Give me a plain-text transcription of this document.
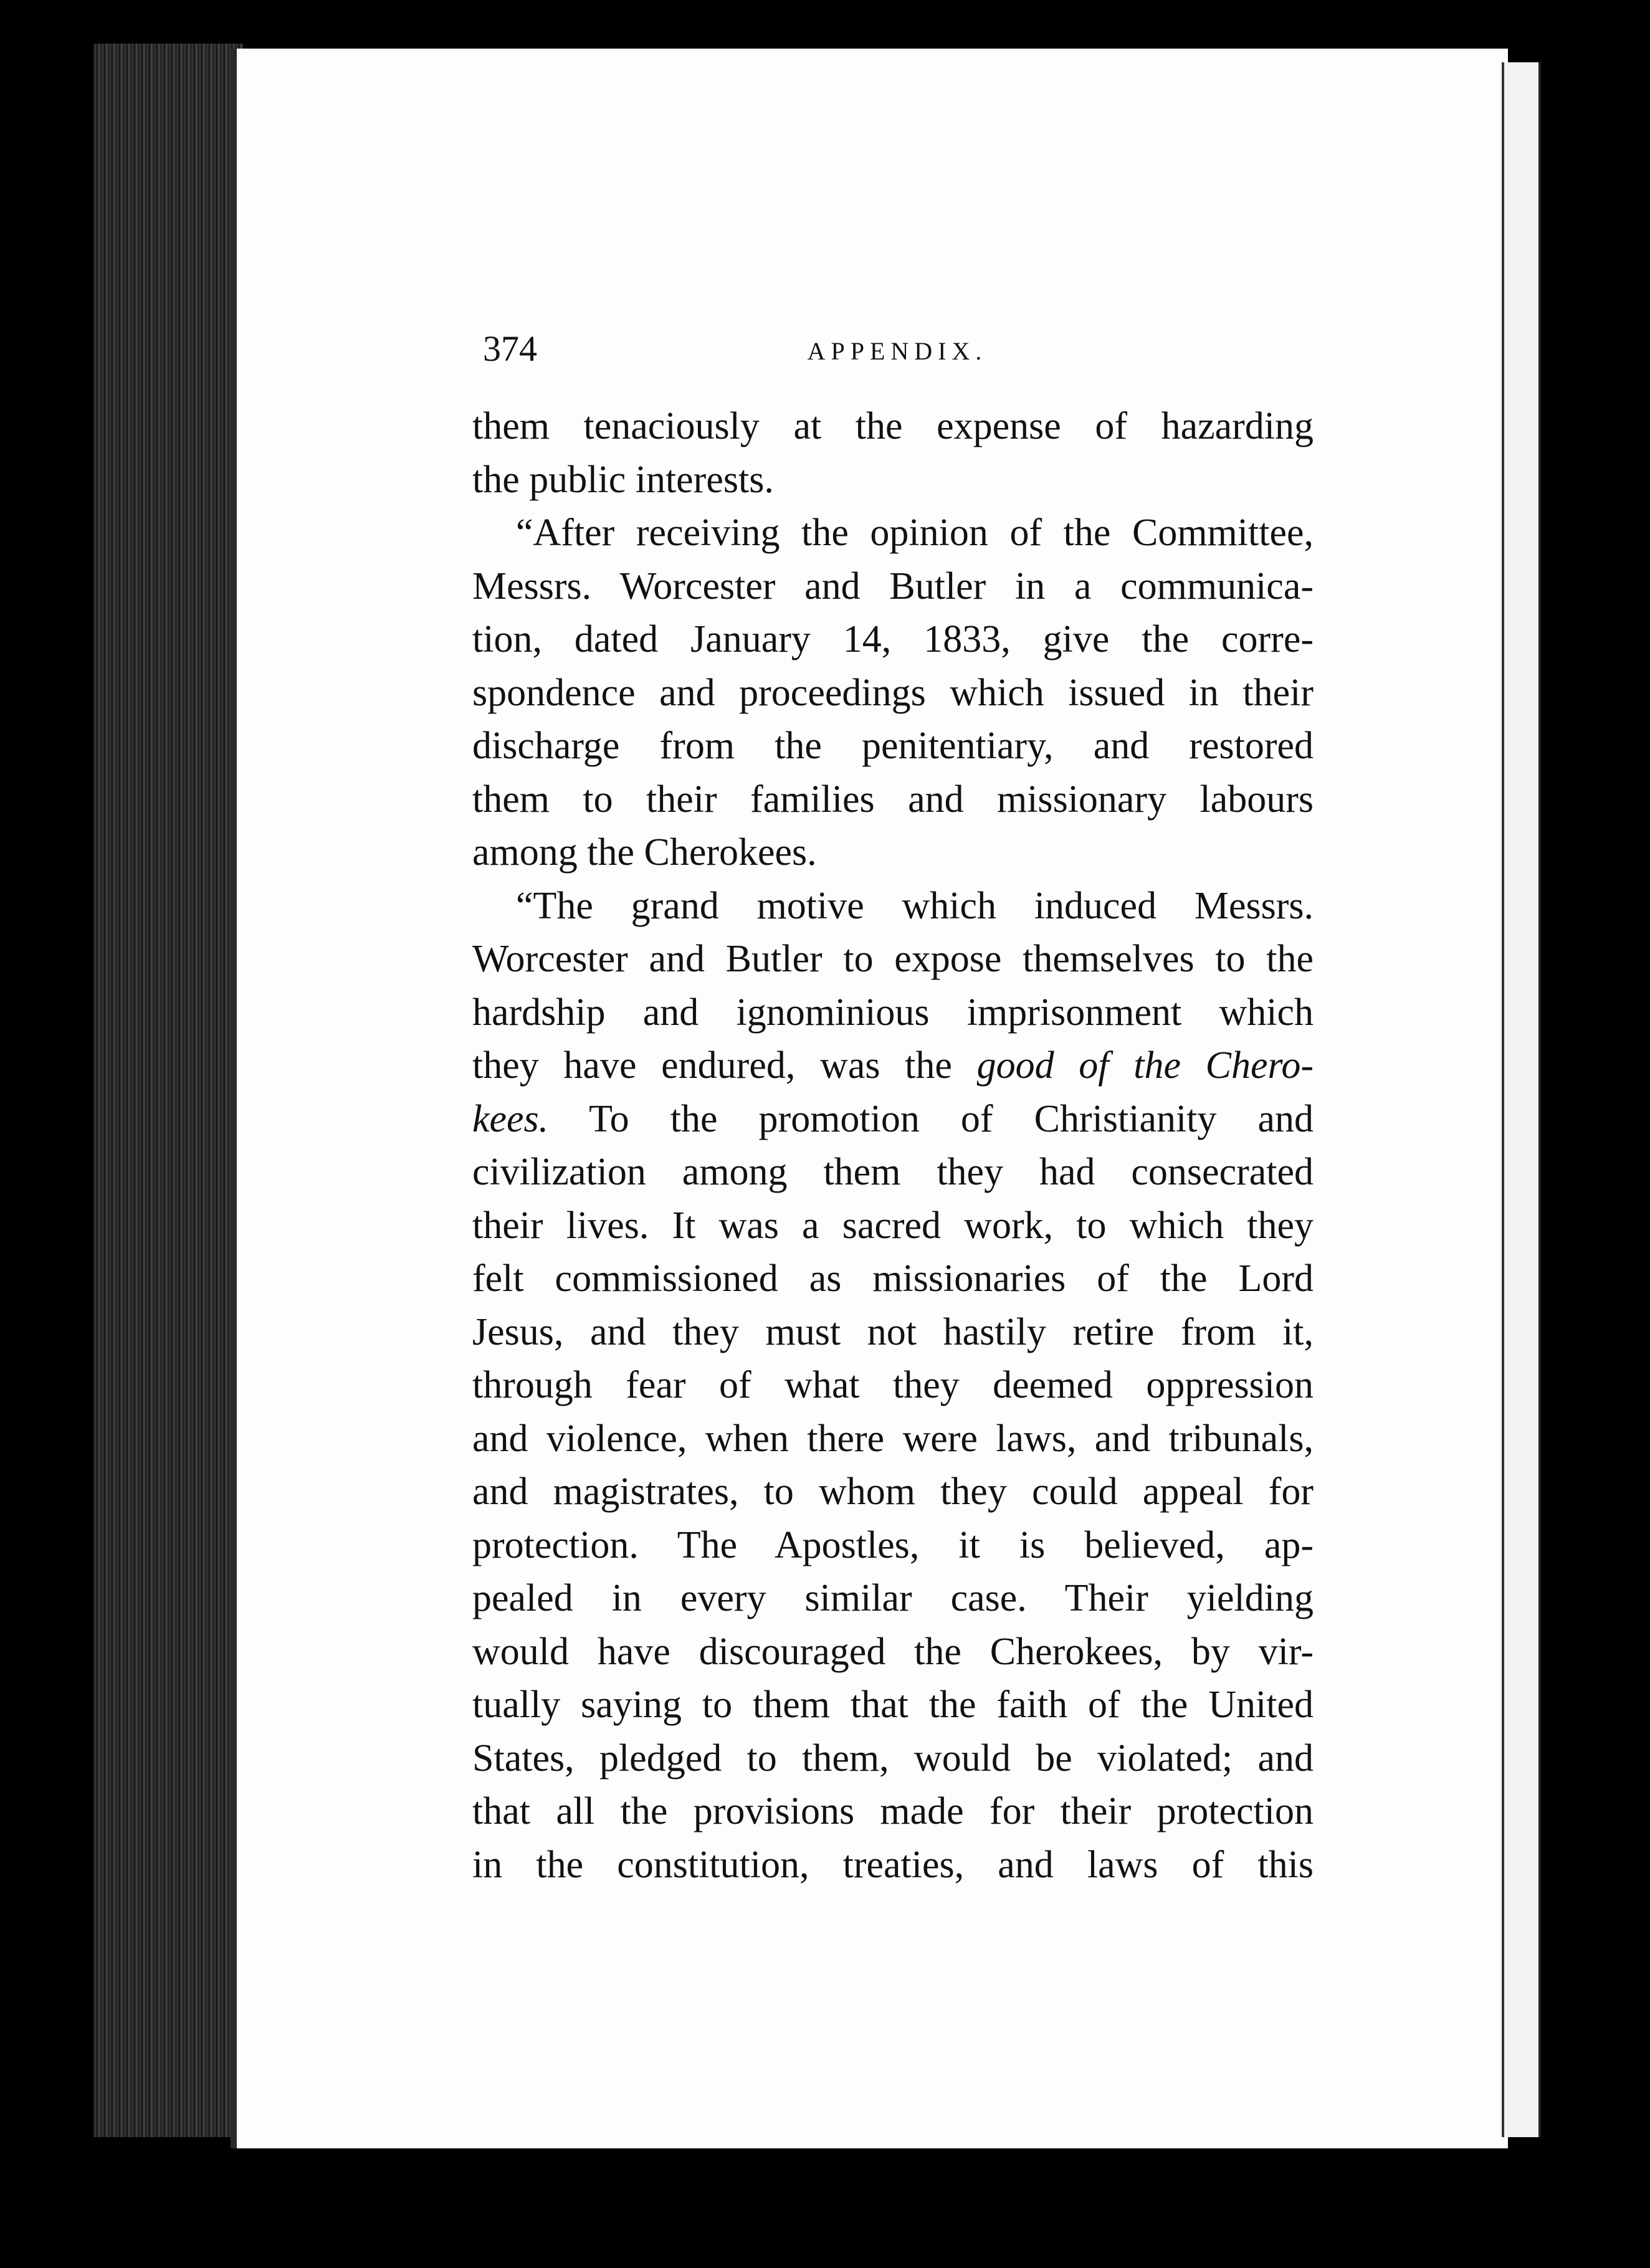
374	APPENDIX.
them tenaciously at the expense of hazarding
the public interests.
“After receiving the opinion of the Committee,
Messrs. Worcester and Butler in a communica-
tion, dated January 14, 1833, give the corre-
spondence and proceedings which issued in their
discharge from the penitentiary, and restored
them to their families and missionary labours
among the Cherokees.
“The grand motive which induced Messrs.
Worcester and Butler to expose themselves to the
hardship and ignominious imprisonment which
they have endured, was the good of the Chero-
kees. To the promotion of Christianity and
civilization among them they had consecrated
their lives. It was a sacred work, to which they
felt commissioned as missionaries of the Lord
Jesus, and they must not hastily retire from it,
through fear of what they deemed oppression
and violence, when there were laws, and tribunals,
and magistrates, to whom they could appeal for
protection. The Apostles, it is believed, ap-
pealed in every similar case. Their yielding
would have discouraged the Cherokees, by vir-
tually saying to them that the faith of the United
States, pledged to them, would be violated; and
that all the provisions made for their protection
in the constitution, treaties, and laws of this
